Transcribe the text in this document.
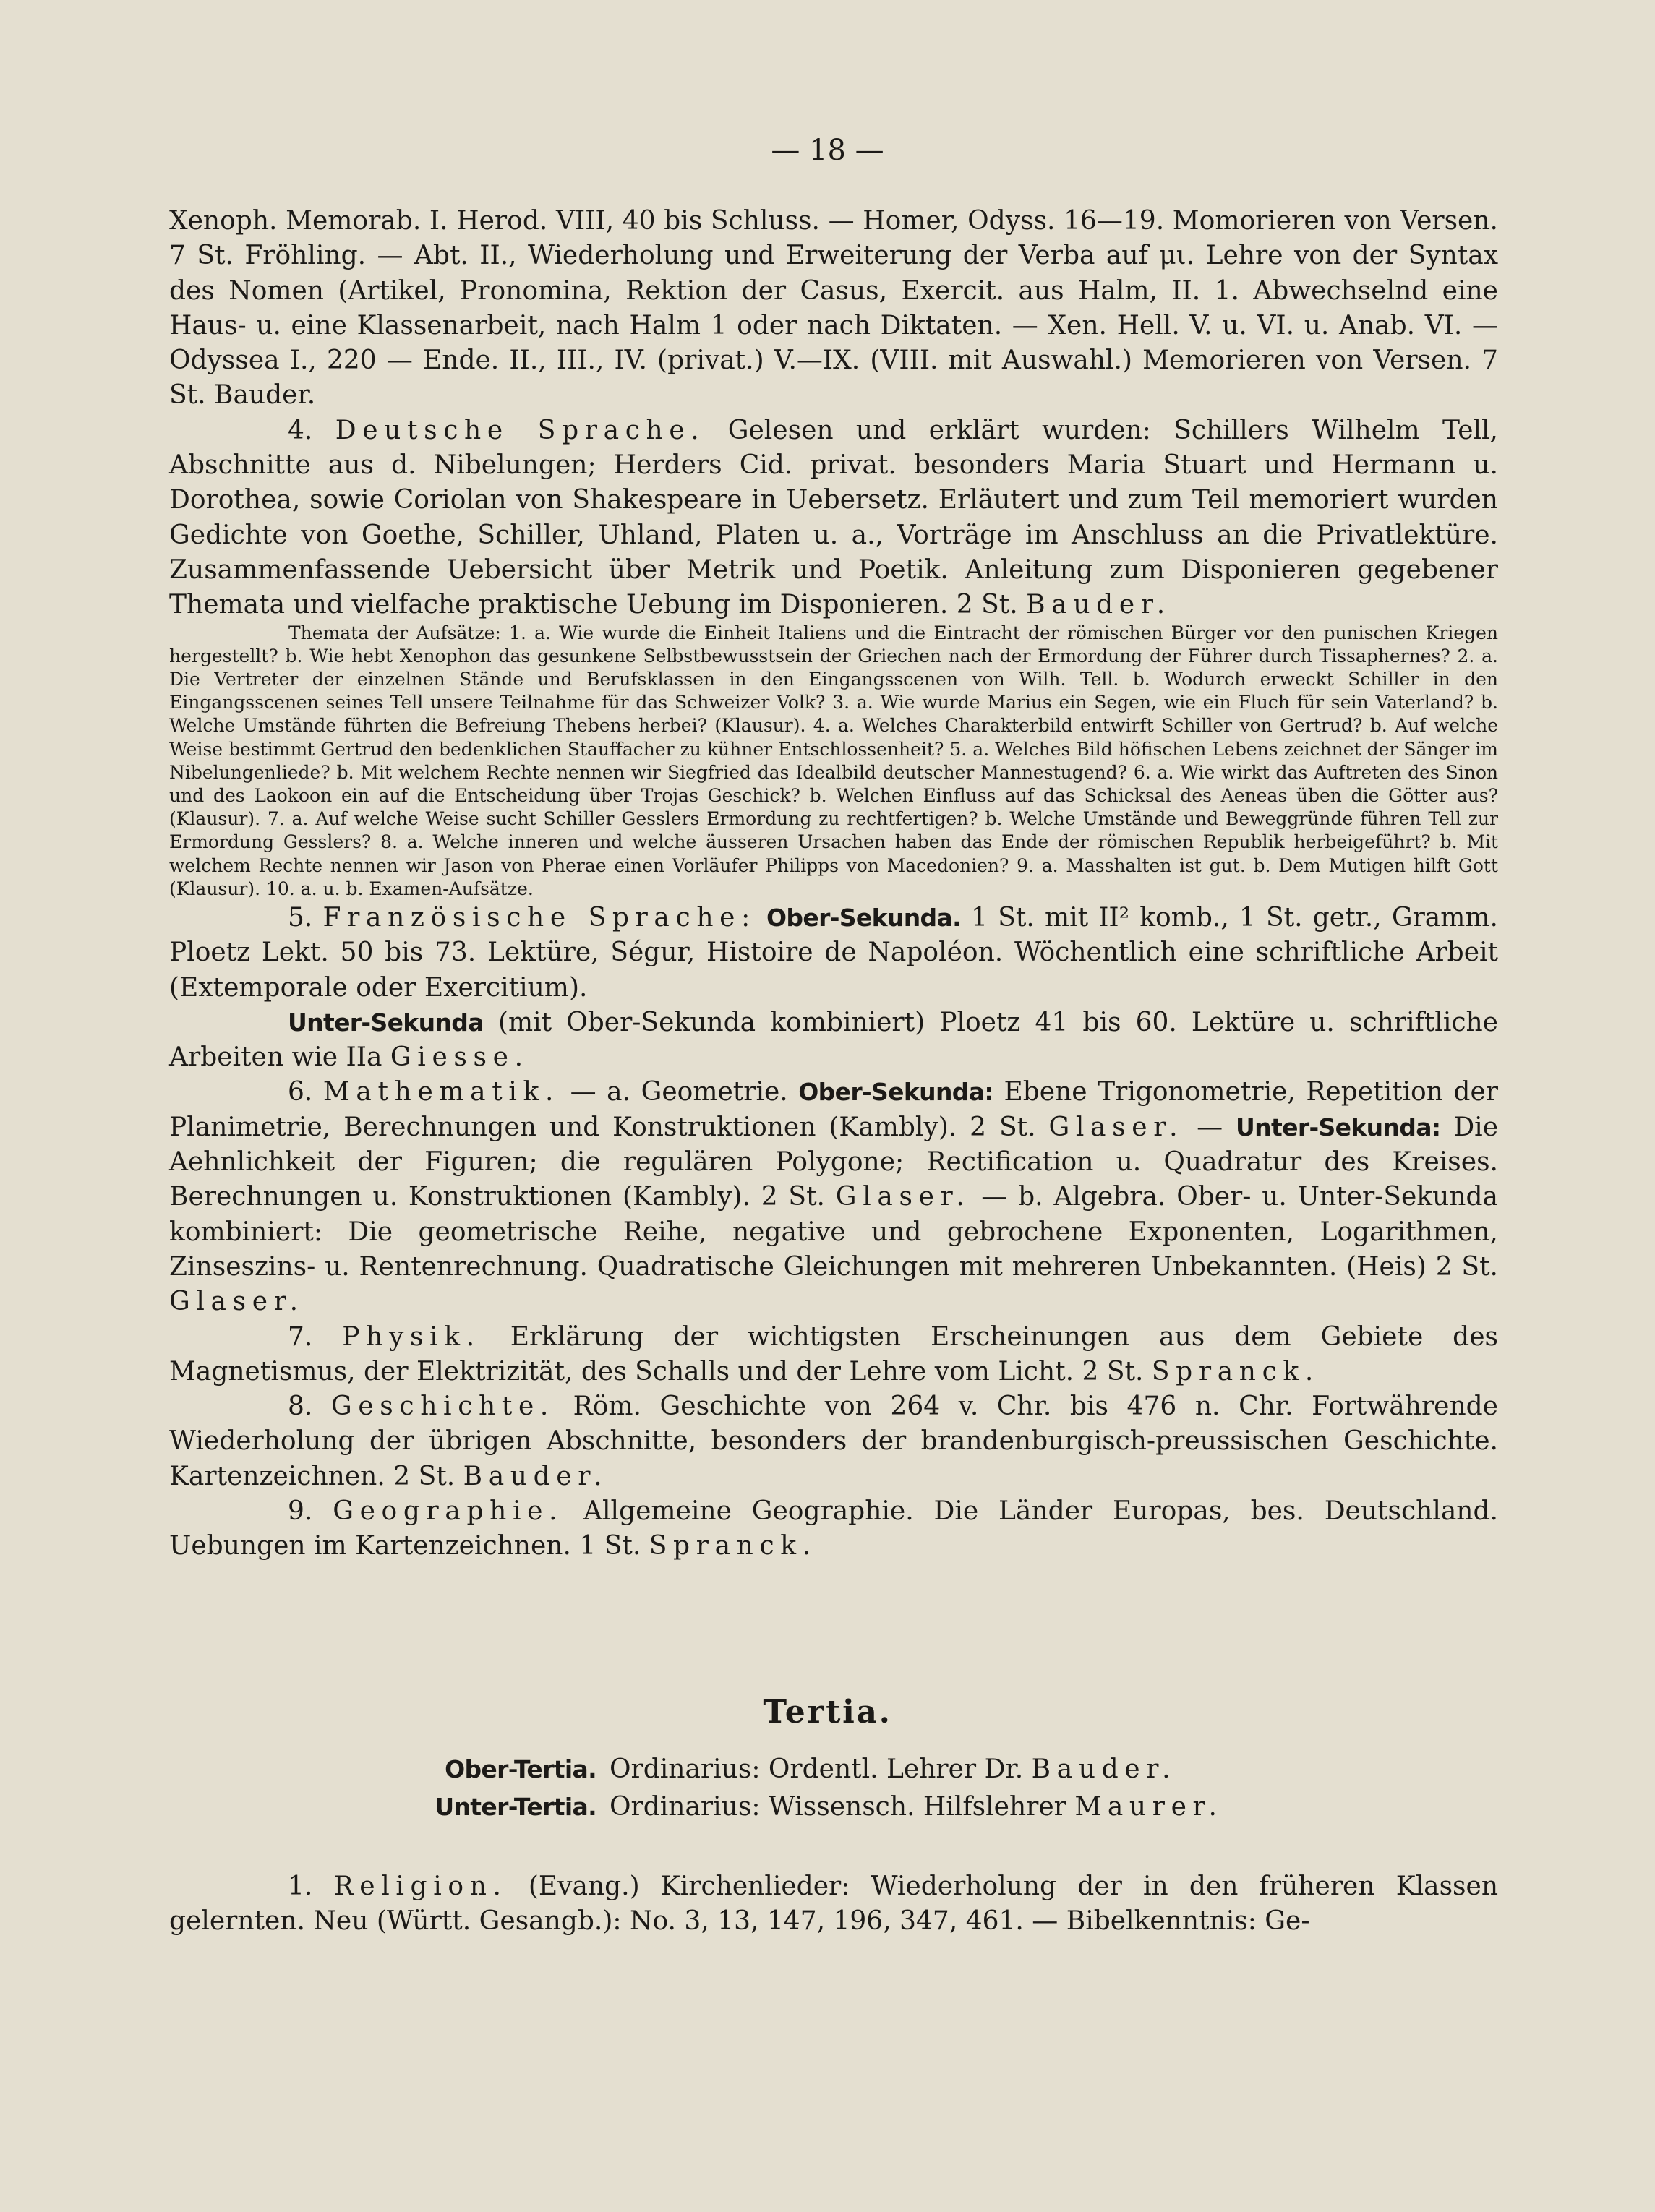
— 18 —

Xenoph. Memorab. I. Herod. VIII, 40 bis Schluss. — Homer, Odyss. 16—19. Momorieren von Versen. 7 St. Fröhling. — Abt. II., Wiederholung und Erweiterung der Verba auf μι. Lehre von der Syntax des Nomen (Artikel, Pronomina, Rektion der Casus, Exercit. aus Halm, II. 1. Abwechselnd eine Haus- u. eine Klassenarbeit, nach Halm 1 oder nach Diktaten. — Xen. Hell. V. u. VI. u. Anab. VI. — Odyssea I., 220 — Ende. II., III., IV. (privat.) V.—IX. (VIII. mit Auswahl.) Memorieren von Versen. 7 St. Bauder.

4. Deutsche Sprache. Gelesen und erklärt wurden: Schillers Wilhelm Tell, Abschnitte aus d. Nibelungen; Herders Cid. privat. besonders Maria Stuart und Hermann u. Dorothea, sowie Coriolan von Shakespeare in Uebersetz. Erläutert und zum Teil memoriert wurden Gedichte von Goethe, Schiller, Uhland, Platen u. a., Vorträge im Anschluss an die Privatlektüre. Zusammenfassende Uebersicht über Metrik und Poetik. Anleitung zum Disponieren gegebener Themata und vielfache praktische Uebung im Disponieren. 2 St. Bauder.

Themata der Aufsätze: 1. a. Wie wurde die Einheit Italiens und die Eintracht der römischen Bürger vor den punischen Kriegen hergestellt? b. Wie hebt Xenophon das gesunkene Selbstbewusstsein der Griechen nach der Ermordung der Führer durch Tissaphernes? 2. a. Die Vertreter der einzelnen Stände und Berufsklassen in den Eingangsscenen von Wilh. Tell. b. Wodurch erweckt Schiller in den Eingangsscenen seines Tell unsere Teilnahme für das Schweizer Volk? 3. a. Wie wurde Marius ein Segen, wie ein Fluch für sein Vaterland? b. Welche Umstände führten die Befreiung Thebens herbei? (Klausur). 4. a. Welches Charakterbild entwirft Schiller von Gertrud? b. Auf welche Weise bestimmt Gertrud den bedenklichen Stauffacher zu kühner Entschlossenheit? 5. a. Welches Bild höfischen Lebens zeichnet der Sänger im Nibelungenliede? b. Mit welchem Rechte nennen wir Siegfried das Idealbild deutscher Mannestugend? 6. a. Wie wirkt das Auftreten des Sinon und des Laokoon ein auf die Entscheidung über Trojas Geschick? b. Welchen Einfluss auf das Schicksal des Aeneas üben die Götter aus? (Klausur). 7. a. Auf welche Weise sucht Schiller Gesslers Ermordung zu rechtfertigen? b. Welche Umstände und Beweggründe führen Tell zur Ermordung Gesslers? 8. a. Welche inneren und welche äusseren Ursachen haben das Ende der römischen Republik herbeigeführt? b. Mit welchem Rechte nennen wir Jason von Pherae einen Vorläufer Philipps von Macedonien? 9. a. Masshalten ist gut. b. Dem Mutigen hilft Gott (Klausur). 10. a. u. b. Examen-Aufsätze.

5. Französische Sprache: Ober-Sekunda. 1 St. mit II² komb., 1 St. getr., Gramm. Ploetz Lekt. 50 bis 73. Lektüre, Ségur, Histoire de Napoléon. Wöchentlich eine schriftliche Arbeit (Extemporale oder Exercitium).

Unter-Sekunda (mit Ober-Sekunda kombiniert) Ploetz 41 bis 60. Lektüre u. schriftliche Arbeiten wie IIa Giesse.

6. Mathematik. — a. Geometrie. Ober-Sekunda: Ebene Trigonometrie, Repetition der Planimetrie, Berechnungen und Konstruktionen (Kambly). 2 St. Glaser. — Unter-Sekunda: Die Aehnlichkeit der Figuren; die regulären Polygone; Rectification u. Quadratur des Kreises. Berechnungen u. Konstruktionen (Kambly). 2 St. Glaser. — b. Algebra. Ober- u. Unter-Sekunda kombiniert: Die geometrische Reihe, negative und gebrochene Exponenten, Logarithmen, Zinseszins- u. Rentenrechnung. Quadratische Gleichungen mit mehreren Unbekannten. (Heis) 2 St. Glaser.

7. Physik. Erklärung der wichtigsten Erscheinungen aus dem Gebiete des Magnetismus, der Elektrizität, des Schalls und der Lehre vom Licht. 2 St. Spranck.

8. Geschichte. Röm. Geschichte von 264 v. Chr. bis 476 n. Chr. Fortwährende Wiederholung der übrigen Abschnitte, besonders der brandenburgisch-preussischen Geschichte. Kartenzeichnen. 2 St. Bauder.

9. Geographie. Allgemeine Geographie. Die Länder Europas, bes. Deutschland. Uebungen im Kartenzeichnen. 1 St. Spranck.

Tertia.
Ober-Tertia. Ordinarius: Ordentl. Lehrer Dr. Bauder.
Unter-Tertia. Ordinarius: Wissensch. Hilfslehrer Maurer.

1. Religion. (Evang.) Kirchenlieder: Wiederholung der in den früheren Klassen gelernten. Neu (Württ. Gesangb.): No. 3, 13, 147, 196, 347, 461. — Bibelkenntnis: Ge-
